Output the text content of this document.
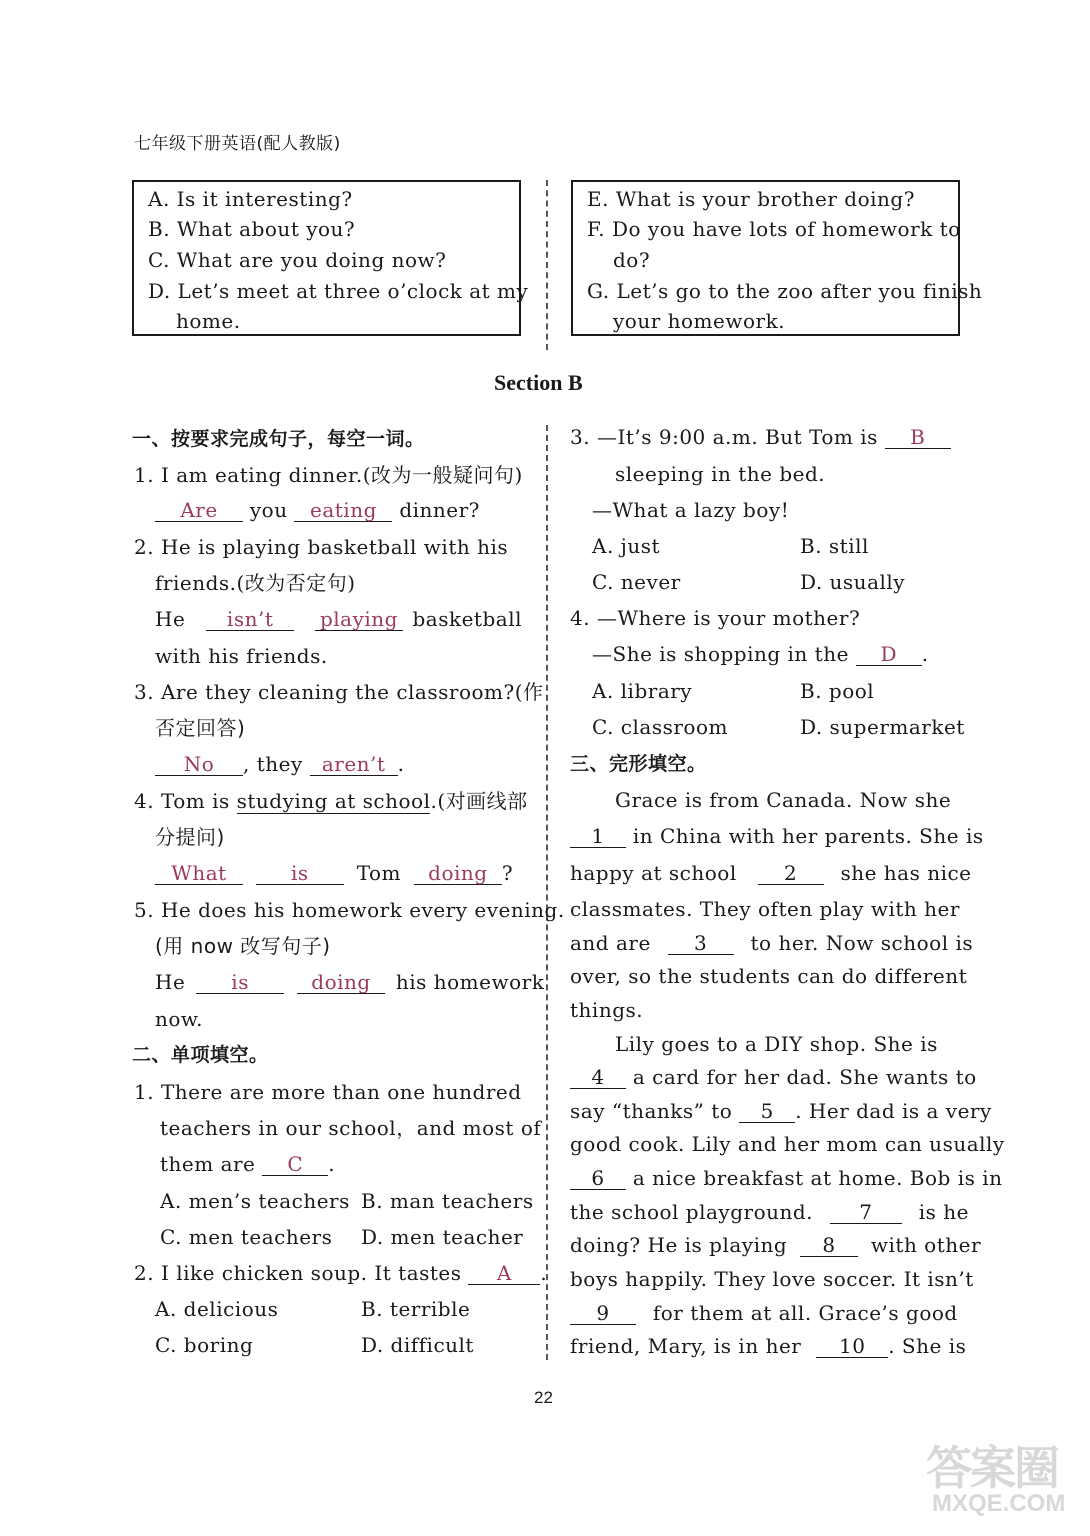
七年级下册英语(配人教版)
A. Is it interesting?
B. What about you?
C. What are you doing now?
D. Let’s meet at three o’clock at my
home.
E. What is your brother doing?
F. Do you have lots of homework to
do?
G. Let’s go to the zoo after you finish
your homework.
Section B
一、按要求完成句子，每空一词。
1. I am eating dinner.(改为一般疑问句)
Are you eating dinner?
2. He is playing basketball with his
friends.(改为否定句)
He isn’t playing basketball
with his friends.
3. Are they cleaning the classroom?(作
否定回答)
No , they aren’t .
4. Tom is studying at school.(对画线部
分提问)
What	is Tom doing ?
5. He does his homework every evening.
(用 now 改写句子)
He is	doing his homework
now.
二、单项填空。
1. There are more than one hundred
teachers in our school，and most of
them are C .
A. men’s teachers B. man teachers
C. men teachers D. men teacher
2. I like chicken soup. It tastes A .
A. delicious	B. terrible
C. boring	D. difficult
3. —It’s 9:00 a.m. But Tom is B
sleeping in the bed.
—What a lazy boy!
A. just	B. still
C. never	D. usually
4. —Where is your mother?
—She is shopping in the D .
A. library	B. pool
C. classroom	D. supermarket
三、完形填空。
Grace is from Canada. Now she
1 in China with her parents. She is
happy at school 2 she has nice
classmates. They often play with her
and are 3 to her. Now school is
over, so the students can do different
things.
Lily goes to a DIY shop. She is
4 a card for her dad. She wants to
say “thanks” to 5 . Her dad is a very
good cook. Lily and her mom can usually
6 a nice breakfast at home. Bob is in
the school playground. 7 is he
doing? He is playing 8 with other
boys happily. They love soccer. It isn’t
9 for them at all. Grace’s good
friend, Mary, is in her 10 . She is
22
答案圈
MXQE.COM
